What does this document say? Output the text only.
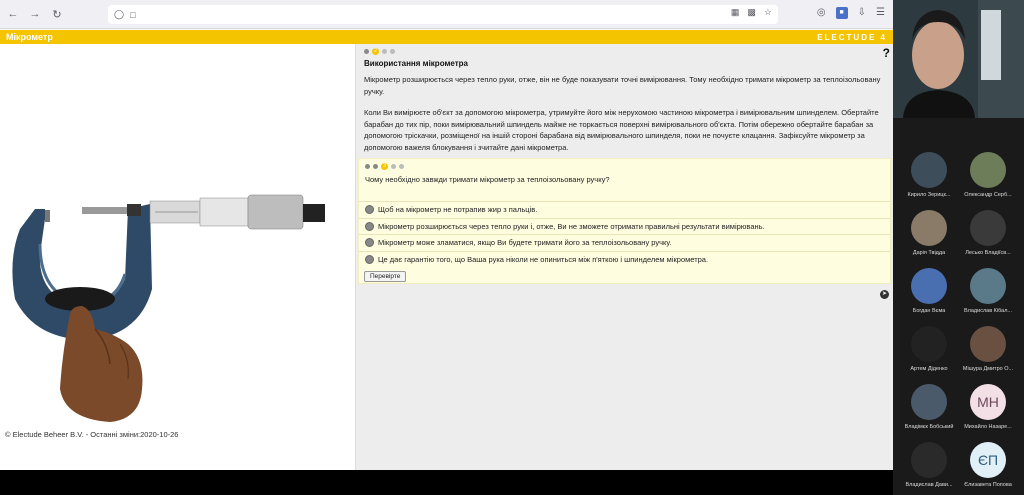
←	→	↻	◯ □	▦ ▩ ☆	◎	■	⇩ ☰
Мікрометр	ELECTUDE 4
© Electude Beheer B.V. - Останні зміни:2020-10-26
?
2
Використання мікрометра

Мікрометр розширюється через тепло руки, отже, він не буде показувати точні вимірювання. Тому необхідно тримати мікрометр за теплоізольовану ручку.

Коли Ви вимірюєте об'єкт за допомогою мікрометра, утримуйте його між нерухомою частиною мікрометра і вимірювальним шпинделем. Обертайте барабан до тих пір, поки вимірювальний шпиндель майже не торкається поверхні вимірювального об'єкта. Потім обережно обертайте барабан за допомогою тріскачки, розміщеної на іншій стороні барабана від вимірювального шпинделя, поки не почуєте клацання. Зафіксуйте мікрометр за допомогою важеля блокування і зчитайте дані мікрометра.

3
Чому необхідно завжди тримати мікрометр за теплоізольовану ручку?
Щоб на мікрометр не потрапив жир з пальців.
Мікрометр розширюється через тепло руки і, отже, Ви не зможете отримати правильні результати вимірювань.
Мікрометр може зламатися, якщо Ви будете тримати його за теплоізольовану ручку.
Це дає гарантію того, що Ваша рука ніколи не опиниться між п'яткою і шпинделем мікрометра.
Перевірте
➤
Кирило Зерицк...	Олександр Серб...
Дарія Твідда	Лесько Владіїсв...
Богдан Вєма	Владислав Кібал...
Артем Діденко	Мішура Дмитро О...
Владімєк Бобський
МН
Михайло Назаре...
Владислав Дави...
ЄП
Єлизавета Попова
